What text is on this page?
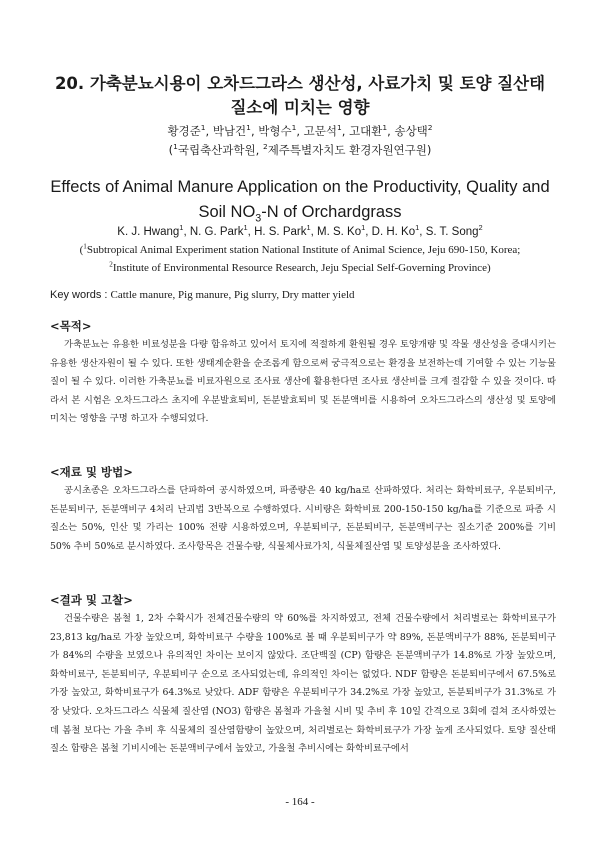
20. 가축분뇨시용이 오차드그라스 생산성, 사료가치 및 토양 질산태
질소에 미치는 영향
황경준$^1$, 박남건$^1$, 박형수$^1$, 고문석$^1$, 고대환$^1$, 송상택$^2$
($^1$국립축산과학원, $^2$제주특별자치도 환경자원연구원)
Effects of Animal Manure Application on the Productivity, Quality and
Soil $NO_3-N$ of Orchardgrass
K. J. Hwang$^1$, N. G. Park$^1$, H. S. Park$^1$, M. S. Ko$^1$, D. H. Ko$^1$, S. T. Song$^2$
($^1$Subtropical Animal Experiment station National Institute of Animal Science, Jeju 690-150, Korea;
$^2$Institute of Environmental Resource Research, Jeju Special Self-Governing Province)
Key words : Cattle manure, Pig manure, Pig slurry, Dry matter yield
<목적>

가축분뇨는 유용한 비료성분을 다량 함유하고 있어서 토지에 적절하게 환원될 경우 토양개량 및 작물 생산성을 증대시키는 유용한 생산자원이 될 수 있다. 또한 생태계순환을 순조롭게 함으로써 궁극적으로는 환경을 보전하는데 기여할 수 있는 기능물질이 될 수 있다. 이러한 가축분뇨를 비료자원으로 조사료 생산에 활용한다면 조사료 생산비를 크게 절감할 수 있을 것이다. 따라서 본 시험은 오차드그라스 초지에 우분발효퇴비, 돈분발효퇴비 및 돈분액비를 시용하여 오차드그라스의 생산성 및 토양에 미치는 영향을 구명 하고자 수행되었다.

<재료 및 방법>

공시초종은 오차드그라스를 단파하여 공시하였으며, 파종량은 40 kg/ha로 산파하였다. 처리는 화학비료구, 우분퇴비구, 돈분퇴비구, 돈분액비구 4처리 난괴법 3반복으로 수행하였다. 시비량은 화학비료 200-150-150 kg/ha를 기준으로 파종 시 질소는 50%, 인산 및 가리는 100% 전량 시용하였으며, 우분퇴비구, 돈분퇴비구, 돈분액비구는 질소기준 200%를 기비 50% 추비 50%로 분시하였다. 조사항목은 건물수량, 식물체사료가치, 식물체질산염 및 토양성분을 조사하였다.

<결과 및 고찰>

건물수량은 봄철 1, 2차 수확시가 전체건물수량의 약 60%를 차지하였고, 전체 건물수량에서 처리별로는 화학비료구가 23,813 kg/ha로 가장 높았으며, 화학비료구 수량을 100%로 볼 때 우분퇴비구가 약 89%, 돈분액비구가 88%, 돈분퇴비구가 84%의 수량을 보였으나 유의적인 차이는 보이지 않았다. 조단백질 (CP) 함량은 돈분액비구가 14.8%로 가장 높았으며, 화학비료구, 돈분퇴비구, 우분퇴비구 순으로 조사되었는데, 유의적인 차이는 없었다. NDF 함량은 돈분퇴비구에서 67.5%로 가장 높았고, 화학비료구가 64.3%로 낮았다. ADF 함량은 우분퇴비구가 34.2%로 가장 높았고, 돈분퇴비구가 31.3%로 가장 낮았다. 오차드그라스 식물체 질산염 (NO3) 함량은 봄철과 가을철 시비 및 추비 후 10일 간격으로 3회에 걸쳐 조사하였는데 봄철 보다는 가을 추비 후 식물체의 질산염함량이 높았으며, 처리별로는 화학비료구가 가장 높게 조사되었다. 토양 질산태질소 함량은 봄철 기비시에는 돈분액비구에서 높았고, 가을철 추비시에는 화학비료구에서

- 164 -
